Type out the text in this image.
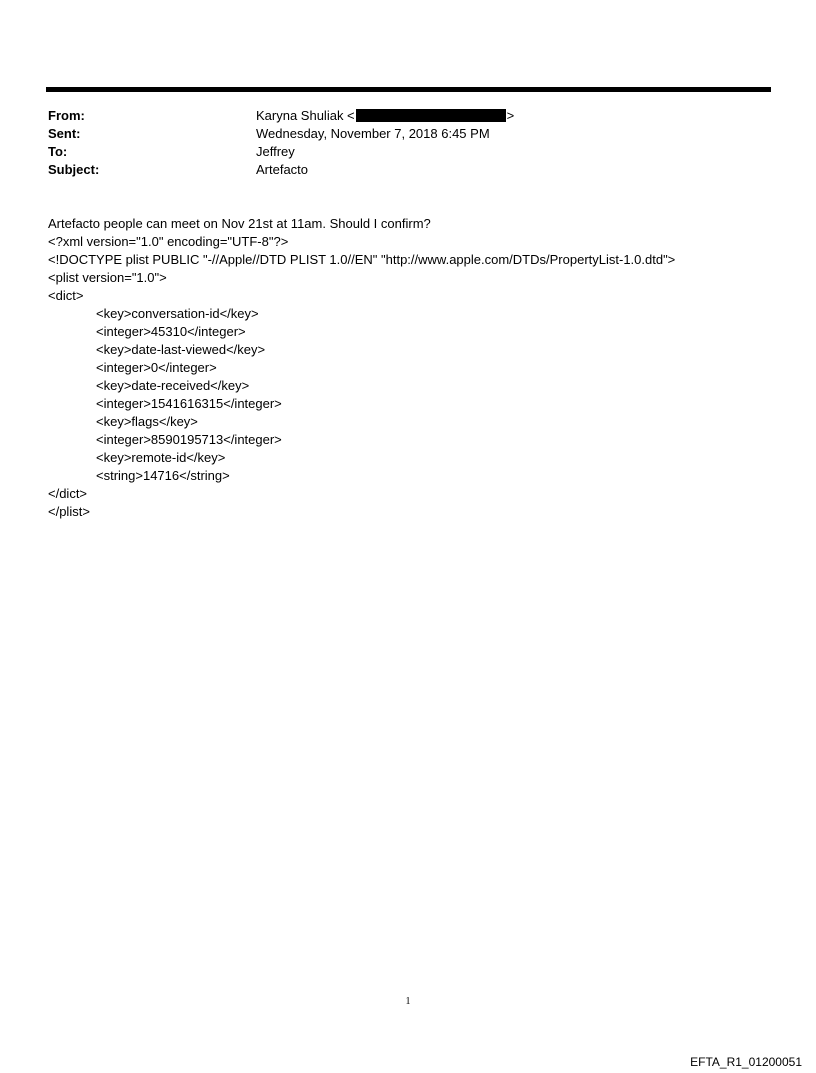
From:	Karyna Shuliak <	>
Sent:	Wednesday, November 7, 2018 6:45 PM
To:	Jeffrey
Subject:	Artefacto
Artefacto people can meet on Nov 21st at 11am. Should I confirm?
<?xml version="1.0" encoding="UTF-8"?>
<!DOCTYPE plist PUBLIC "-//Apple//DTD PLIST 1.0//EN" "http://www.apple.com/DTDs/PropertyList-1.0.dtd">
<plist version="1.0">
<dict>
<key>conversation-id</key>
<integer>45310</integer>
<key>date-last-viewed</key>
<integer>0</integer>
<key>date-received</key>
<integer>1541616315</integer>
<key>flags</key>
<integer>8590195713</integer>
<key>remote-id</key>
<string>14716</string>
</dict>
</plist>
1
EFTA_R1_01200051
